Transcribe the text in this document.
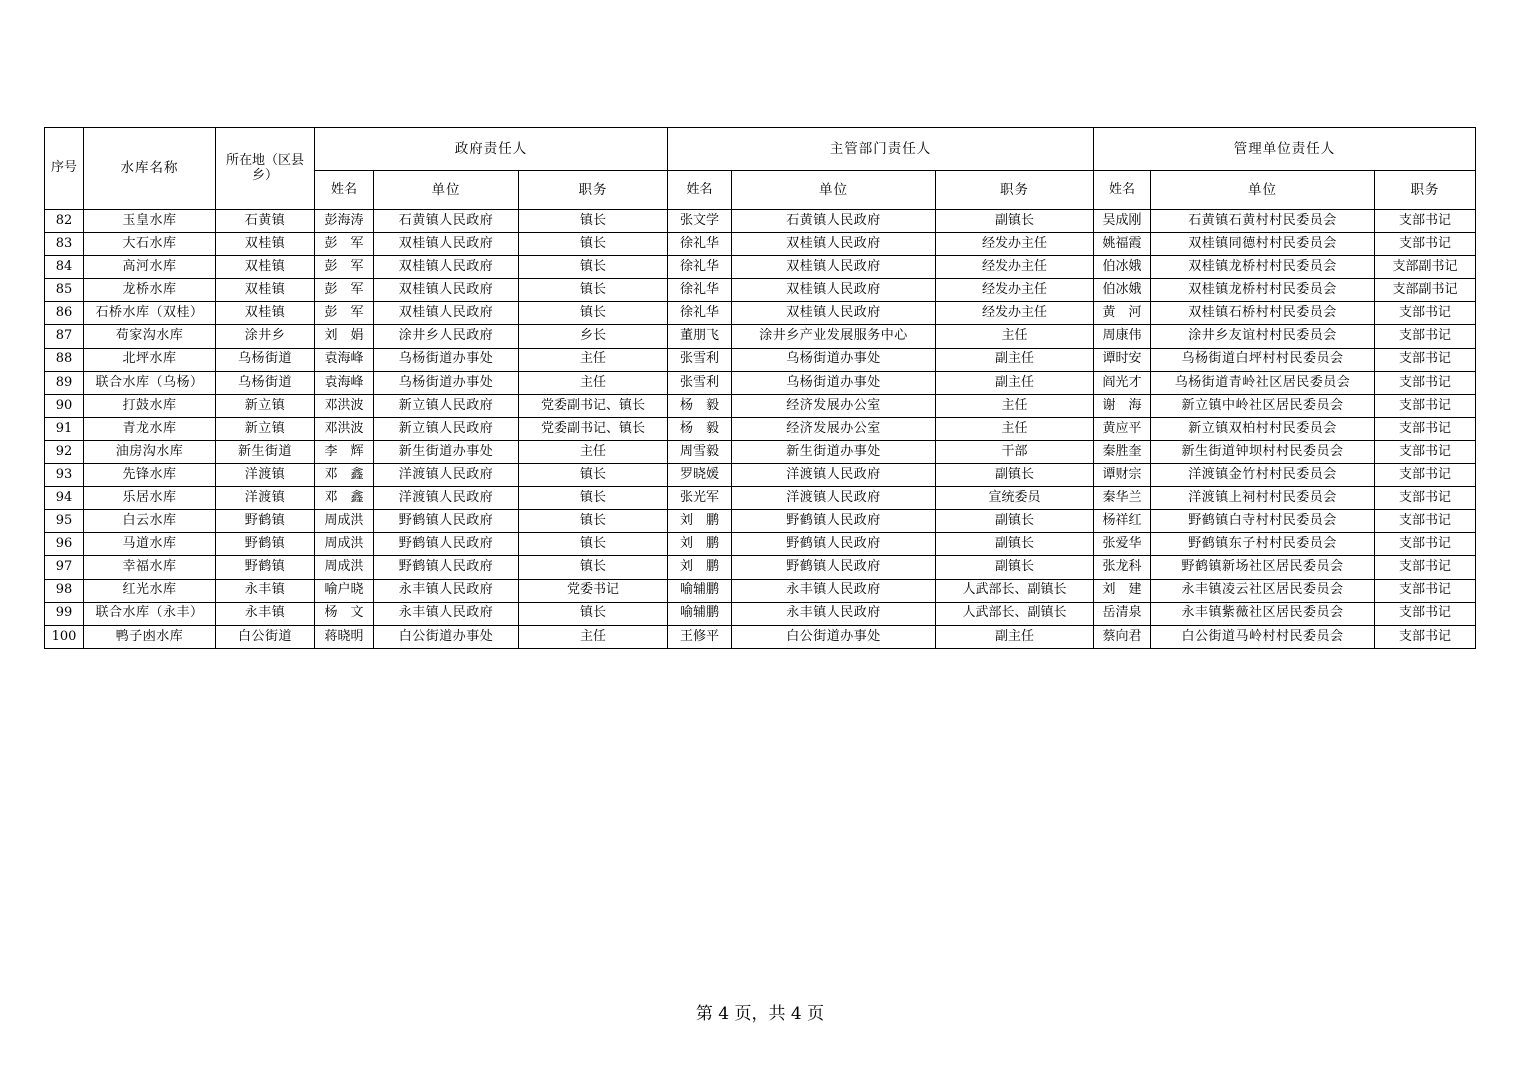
序号	水库名称	所在地（区县乡）	政府责任人			主管部门责任人			管理单位责任人		
			姓名	单位	职务	姓名	单位	职务	姓名	单位	职务
82	玉皇水库	石黄镇	彭海涛	石黄镇人民政府	镇长	张文学	石黄镇人民政府	副镇长	吴成刚	石黄镇石黄村村民委员会	支部书记
83	大石水库	双桂镇	彭　军	双桂镇人民政府	镇长	徐礼华	双桂镇人民政府	经发办主任	姚福霞	双桂镇同德村村民委员会	支部书记
84	高河水库	双桂镇	彭　军	双桂镇人民政府	镇长	徐礼华	双桂镇人民政府	经发办主任	伯冰娥	双桂镇龙桥村村民委员会	支部副书记
85	龙桥水库	双桂镇	彭　军	双桂镇人民政府	镇长	徐礼华	双桂镇人民政府	经发办主任	伯冰娥	双桂镇龙桥村村民委员会	支部副书记
86	石桥水库（双桂）	双桂镇	彭　军	双桂镇人民政府	镇长	徐礼华	双桂镇人民政府	经发办主任	黄　河	双桂镇石桥村村民委员会	支部书记
87	苟家沟水库	涂井乡	刘　娟	涂井乡人民政府	乡长	董朋飞	涂井乡产业发展服务中心	主任	周康伟	涂井乡友谊村村民委员会	支部书记
88	北坪水库	乌杨街道	袁海峰	乌杨街道办事处	主任	张雪利	乌杨街道办事处	副主任	谭时安	乌杨街道白坪村村民委员会	支部书记
89	联合水库（乌杨）	乌杨街道	袁海峰	乌杨街道办事处	主任	张雪利	乌杨街道办事处	副主任	阎光才	乌杨街道青岭社区居民委员会	支部书记
90	打鼓水库	新立镇	邓洪波	新立镇人民政府	党委副书记、镇长	杨　毅	经济发展办公室	主任	谢　海	新立镇中岭社区居民委员会	支部书记
91	青龙水库	新立镇	邓洪波	新立镇人民政府	党委副书记、镇长	杨　毅	经济发展办公室	主任	黄应平	新立镇双柏村村民委员会	支部书记
92	油房沟水库	新生街道	李　辉	新生街道办事处	主任	周雪毅	新生街道办事处	干部	秦胜奎	新生街道钟坝村村民委员会	支部书记
93	先锋水库	洋渡镇	邓　鑫	洋渡镇人民政府	镇长	罗晓媛	洋渡镇人民政府	副镇长	谭财宗	洋渡镇金竹村村民委员会	支部书记
94	乐居水库	洋渡镇	邓　鑫	洋渡镇人民政府	镇长	张光军	洋渡镇人民政府	宣统委员	秦华兰	洋渡镇上祠村村民委员会	支部书记
95	白云水库	野鹤镇	周成洪	野鹤镇人民政府	镇长	刘　鹏	野鹤镇人民政府	副镇长	杨祥红	野鹤镇白寺村村民委员会	支部书记
96	马道水库	野鹤镇	周成洪	野鹤镇人民政府	镇长	刘　鹏	野鹤镇人民政府	副镇长	张爱华	野鹤镇东子村村民委员会	支部书记
97	幸福水库	野鹤镇	周成洪	野鹤镇人民政府	镇长	刘　鹏	野鹤镇人民政府	副镇长	张龙科	野鹤镇新场社区居民委员会	支部书记
98	红光水库	永丰镇	喻户晓	永丰镇人民政府	党委书记	喻辅鹏	永丰镇人民政府	人武部长、副镇长	刘　建	永丰镇凌云社区居民委员会	支部书记
99	联合水库（永丰）	永丰镇	杨　文	永丰镇人民政府	镇长	喻辅鹏	永丰镇人民政府	人武部长、副镇长	岳清泉	永丰镇紫薇社区居民委员会	支部书记
100	鸭子凼水库	白公街道	蒋晓明	白公街道办事处	主任	王修平	白公街道办事处	副主任	蔡向君	白公街道马岭村村民委员会	支部书记
第 4 页，共 4 页
